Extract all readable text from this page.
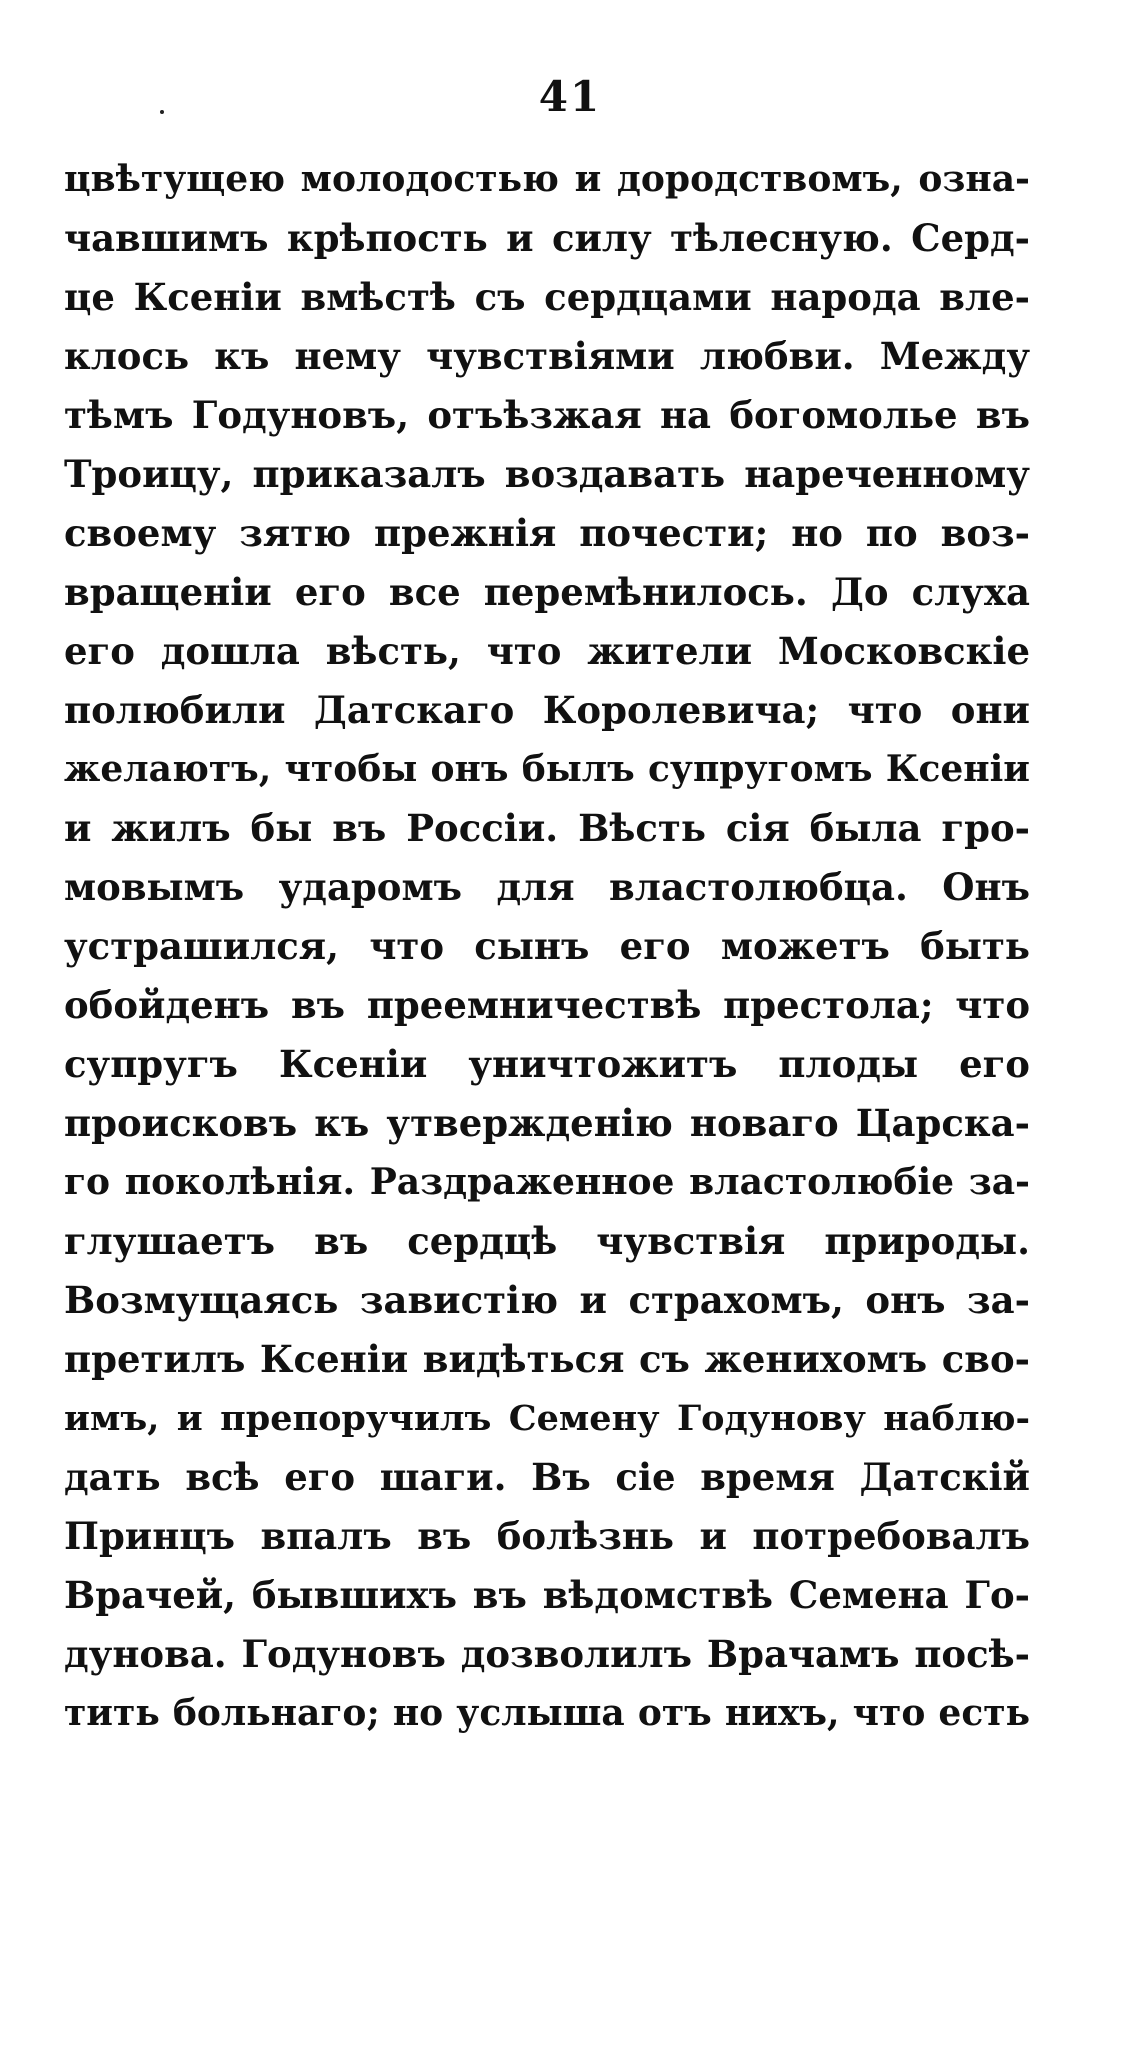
41
цвѣтущею молодостью и дородствомъ, озна-
чавшимъ крѣпость и силу тѣлесную. Серд-
це Ксеніи вмѣстѣ съ сердцами народа вле-
клось къ нему чувствіями любви. Между
тѣмъ Годуновъ, отъѣзжая на богомолье въ
Троицу, приказалъ воздавать нареченному
своему зятю прежнія почести; но по воз-
вращеніи его все перемѣнилось. До слуха
его дошла вѣсть, что жители Московскіе
полюбили Датскаго Королевича; что они
желаютъ, чтобы онъ былъ супругомъ Ксеніи
и жилъ бы въ Россіи. Вѣсть сія была гро-
мовымъ ударомъ для властолюбца. Онъ
устрашился, что сынъ его можетъ быть
обойденъ въ преемничествѣ престола; что
супругъ Ксеніи уничтожитъ плоды его
происковъ къ утвержденію новаго Царска-
го поколѣнія. Раздраженное властолюбіе за-
глушаетъ въ сердцѣ чувствія природы.
Возмущаясь завистію и страхомъ, онъ за-
претилъ Ксеніи видѣться съ женихомъ сво-
имъ, и препоручилъ Семену Годунову наблю-
дать всѣ его шаги. Въ сіе время Датскій
Принцъ впалъ въ болѣзнь и потребовалъ
Врачей, бывшихъ въ вѣдомствѣ Семена Го-
дунова. Годуновъ дозволилъ Врачамъ посѣ-
тить больнаго; но услыша отъ нихъ, что есть
